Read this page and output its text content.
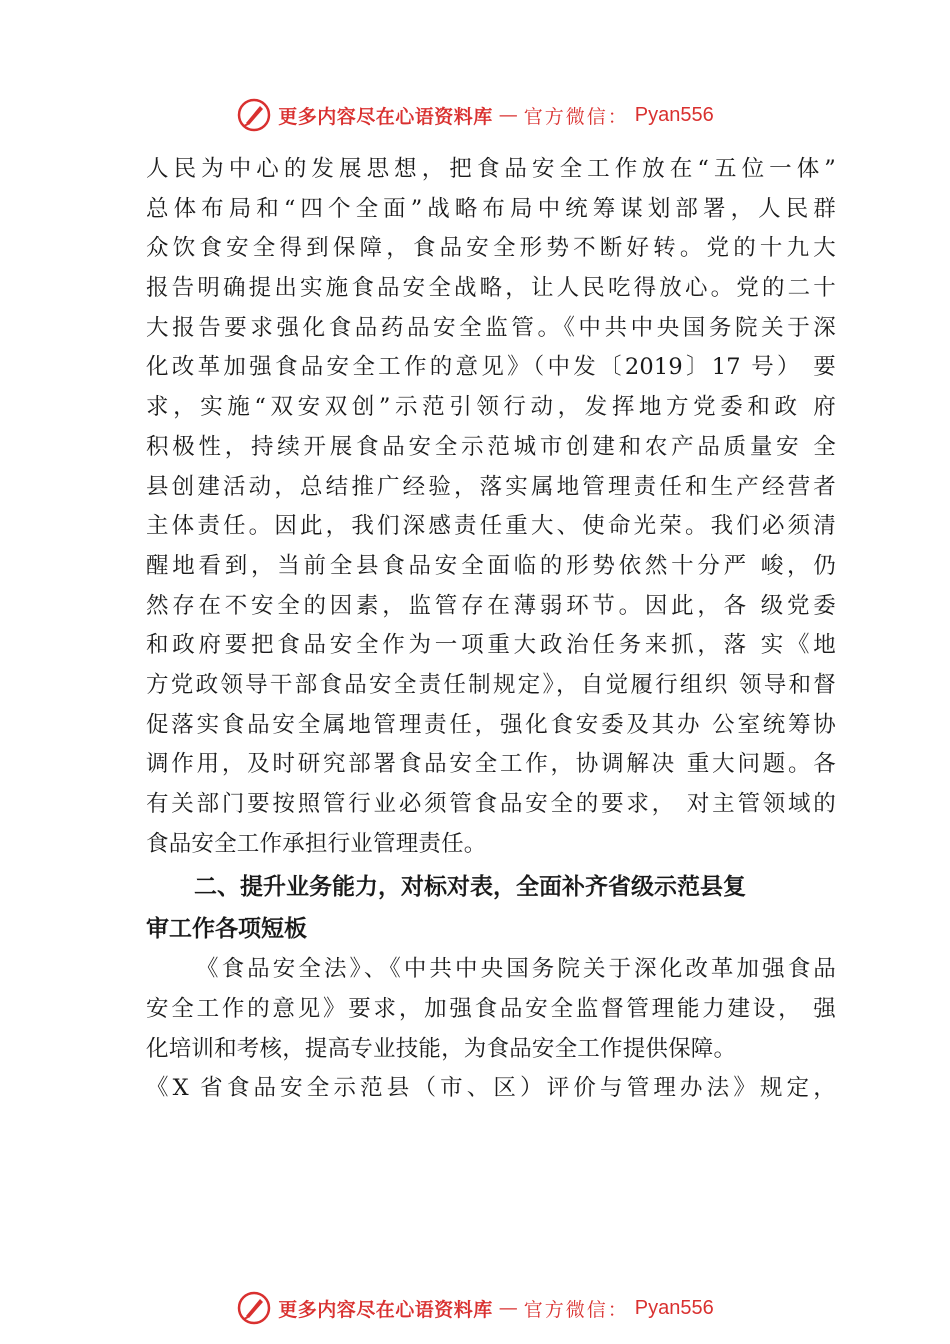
更多内容尽在心语资料库 — 官方微信： Pyan556
人民为中心的发展思想，把食品安全工作放在“五位一体”
总体布局和“四个全面”战略布局中统筹谋划部署，人民群
众饮食安全得到保障，食品安全形势不断好转。党的十九大
报告明确提出实施食品安全战略，让人民吃得放心。党的二十
大报告要求强化食品药品安全监管。《中共中央国务院关于深
化改革加强食品安全工作的意见》（中发〔2019〕17 号） 要
求，实施“双安双创”示范引领行动，发挥地方党委和政 府
积极性，持续开展食品安全示范城市创建和农产品质量安 全
县创建活动，总结推广经验，落实属地管理责任和生产经营者
主体责任。因此，我们深感责任重大、使命光荣。我们必须清
醒地看到，当前全县食品安全面临的形势依然十分严 峻，仍
然存在不安全的因素，监管存在薄弱环节。因此，各 级党委
和政府要把食品安全作为一项重大政治任务来抓，落 实《地
方党政领导干部食品安全责任制规定》，自觉履行组织 领导和督
促落实食品安全属地管理责任，强化食安委及其办 公室统筹协
调作用，及时研究部署食品安全工作，协调解决 重大问题。各
有关部门要按照管行业必须管食品安全的要求， 对主管领域的
食品安全工作承担行业管理责任。
二、提升业务能力，对标对表，全面补齐省级示范县复
审工作各项短板
《食品安全法》、《中共中央国务院关于深化改革加强食品
安全工作的意见》要求，加强食品安全监督管理能力建设， 强
化培训和考核，提高专业技能，为食品安全工作提供保障。
《X 省食品安全示范县（市、区）评价与管理办法》规定，
更多内容尽在心语资料库 — 官方微信： Pyan556
